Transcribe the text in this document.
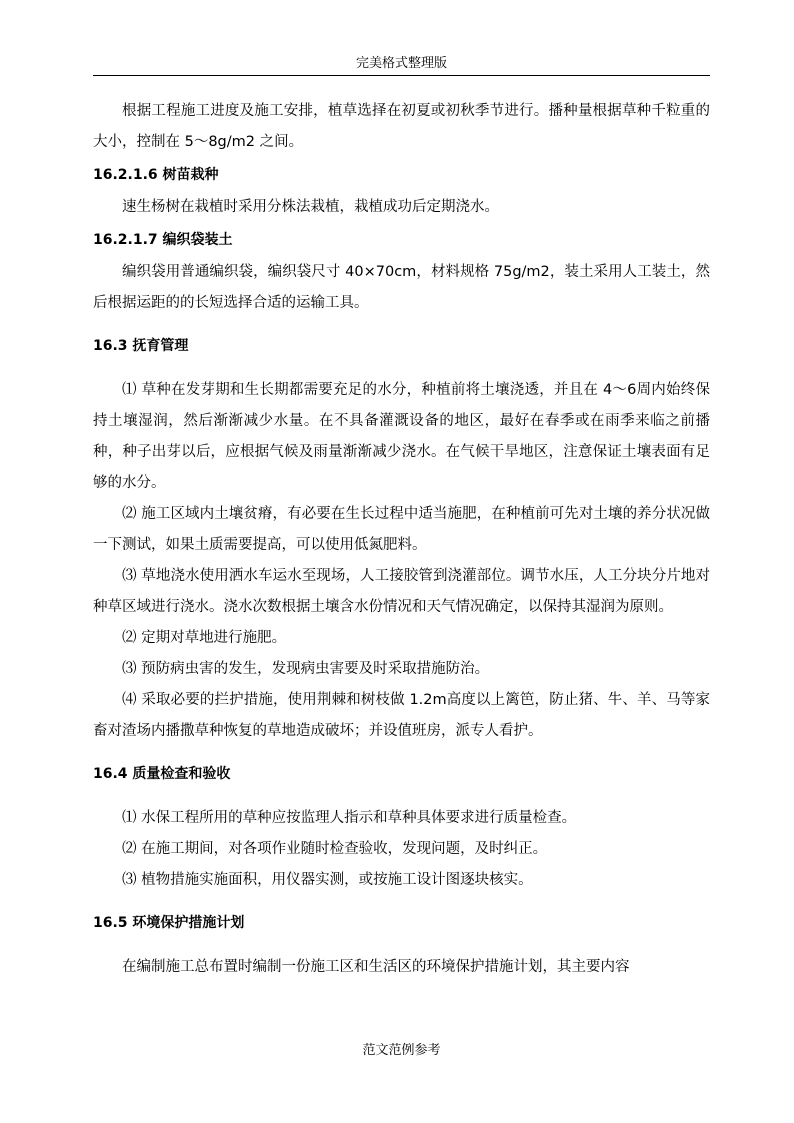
完美格式整理版

根据工程施工进度及施工安排，植草选择在初夏或初秋季节进行。播种量根据草种千粒重的大小，控制在 5～8g/m2 之间。

16.2.1.6 树苗栽种

速生杨树在栽植时采用分株法栽植，栽植成功后定期浇水。

16.2.1.7 编织袋装土

编织袋用普通编织袋，编织袋尺寸 40×70cm，材料规格 75g/m2，装土采用人工装土，然后根据运距的的长短选择合适的运输工具。

16.3 抚育管理

⑴ 草种在发芽期和生长期都需要充足的水分，种植前将土壤浇透，并且在 4～6周内始终保持土壤湿润，然后渐渐减少水量。在不具备灌溉设备的地区，最好在春季或在雨季来临之前播种，种子出芽以后，应根据气候及雨量渐渐减少浇水。在气候干旱地区，注意保证土壤表面有足够的水分。

⑵ 施工区域内土壤贫瘠，有必要在生长过程中适当施肥，在种植前可先对土壤的养分状况做一下测试，如果土质需要提高，可以使用低氮肥料。

⑶ 草地浇水使用洒水车运水至现场，人工接胶管到浇灌部位。调节水压，人工分块分片地对种草区域进行浇水。浇水次数根据土壤含水份情况和天气情况确定，以保持其湿润为原则。

⑵ 定期对草地进行施肥。

⑶ 预防病虫害的发生，发现病虫害要及时采取措施防治。

⑷ 采取必要的拦护措施，使用荆棘和树枝做 1.2m高度以上篱笆，防止猪、牛、羊、马等家畜对渣场内播撒草种恢复的草地造成破坏；并设值班房，派专人看护。

16.4 质量检查和验收

⑴ 水保工程所用的草种应按监理人指示和草种具体要求进行质量检查。

⑵ 在施工期间，对各项作业随时检查验收，发现问题，及时纠正。

⑶ 植物措施实施面积，用仪器实测，或按施工设计图逐块核实。

16.5 环境保护措施计划

在编制施工总布置时编制一份施工区和生活区的环境保护措施计划，其主要内容

范文范例参考
